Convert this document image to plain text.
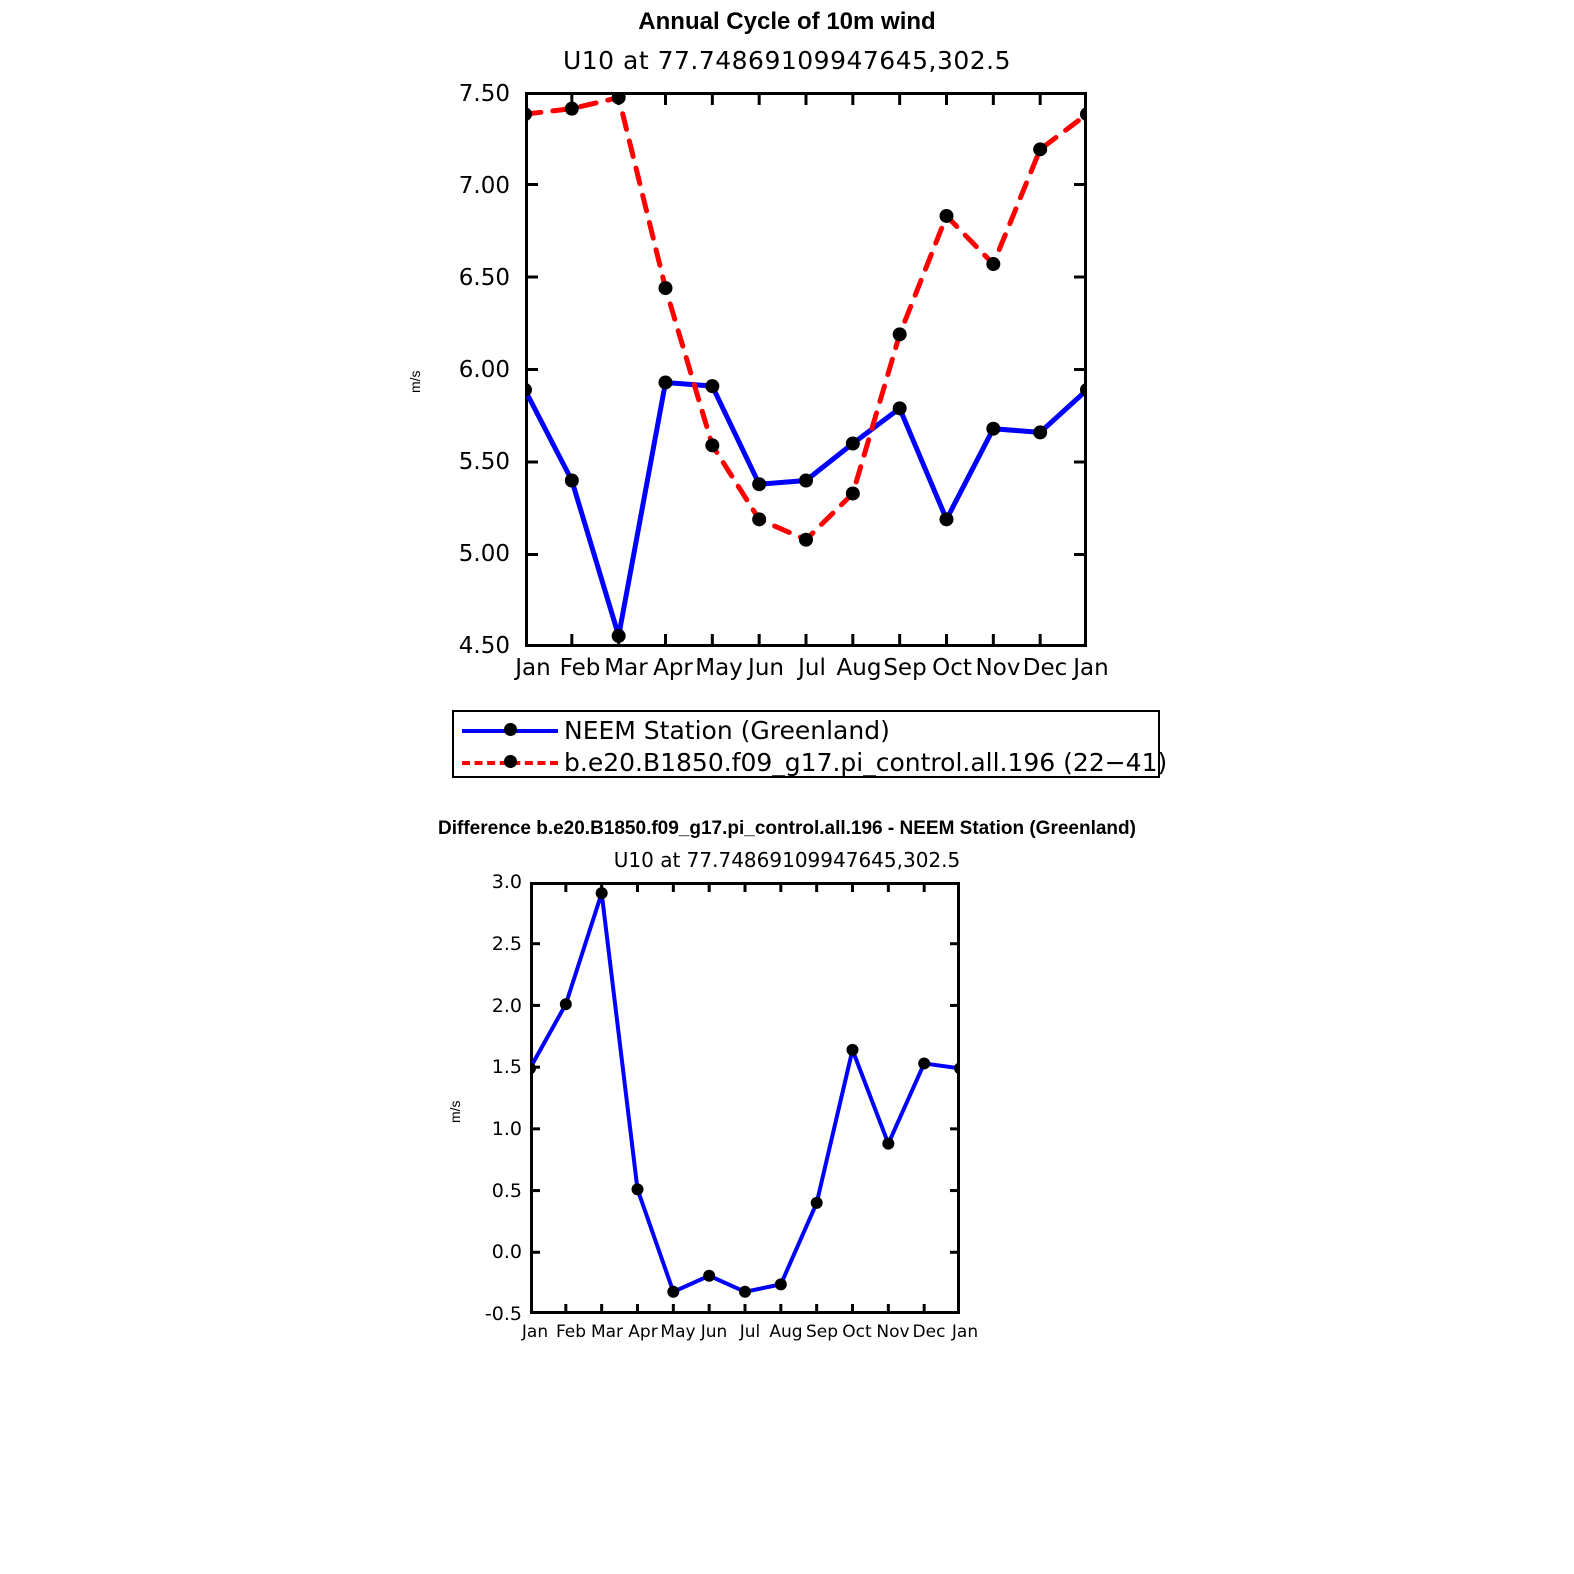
Annual Cycle of 10m wind
U10 at 77.74869109947645,302.5
m/s
4.50
5.00
5.50
6.00
6.50
7.00
7.50
Jan Feb Mar Apr May Jun Jul Aug Sep Oct Nov Dec Jan
NEEM Station (Greenland)
b.e20.B1850.f09_g17.pi_control.all.196 (22−41)
Difference b.e20.B1850.f09_g17.pi_control.all.196 - NEEM Station (Greenland)
U10 at 77.74869109947645,302.5
m/s
-0.5
0.0
0.5
1.0
1.5
2.0
2.5
3.0
Jan Feb Mar Apr May Jun Jul Aug Sep Oct Nov Dec Jan
